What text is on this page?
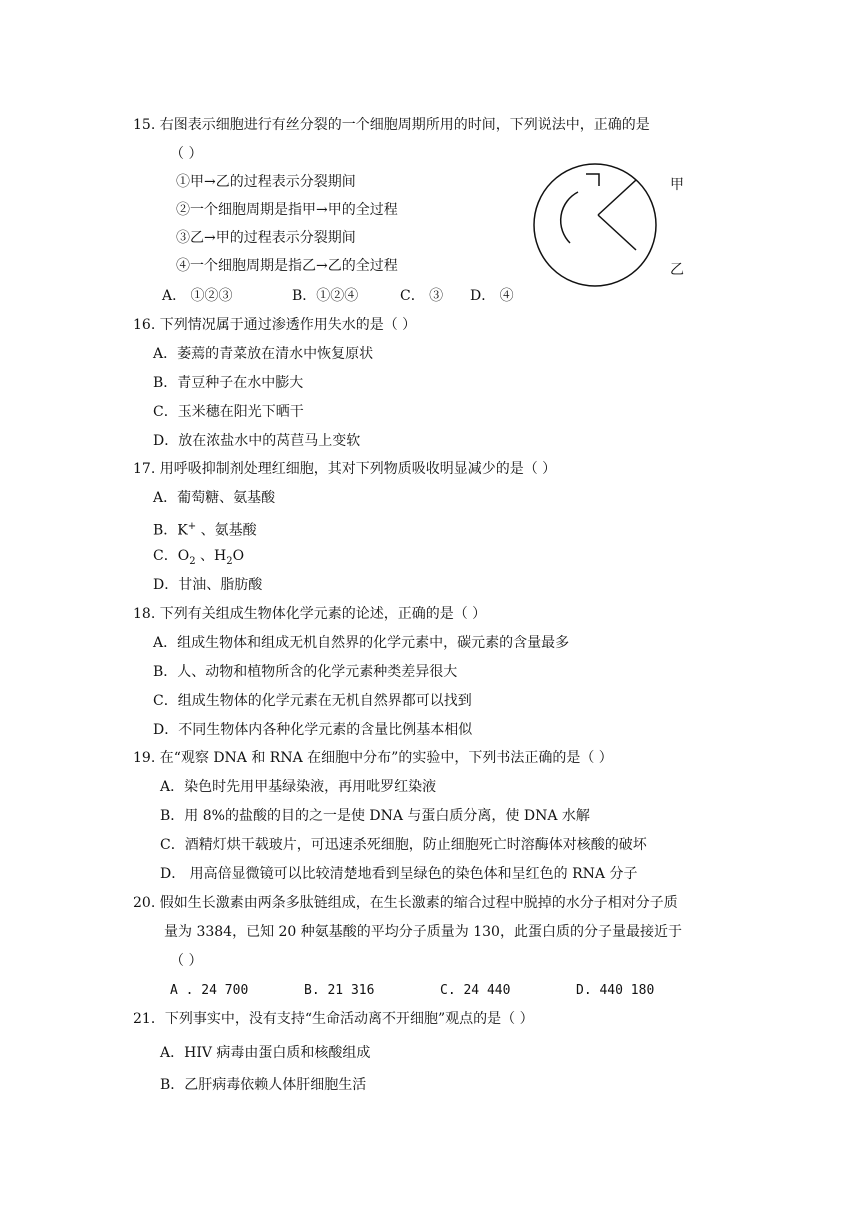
15. 右图表示细胞进行有丝分裂的一个细胞周期所用的时间，下列说法中，正确的是
（ ）
①甲→乙的过程表示分裂期间
②一个细胞周期是指甲→甲的全过程
③乙→甲的过程表示分裂期间
④一个细胞周期是指乙→乙的全过程
A． ①②③	B．①②④	C． ③ D． ④
甲
乙
16. 下列情况属于通过渗透作用失水的是（ ）
A．萎蔫的青菜放在清水中恢复原状
B．青豆种子在水中膨大
C．玉米穗在阳光下晒干
D．放在浓盐水中的莴苣马上变软
17. 用呼吸抑制剂处理红细胞，其对下列物质吸收明显减少的是（ ）
A．葡萄糖、氨基酸
B．K+ 、氨基酸
C．$O_2$ 、$H_2O$
D．甘油、脂肪酸
18. 下列有关组成生物体化学元素的论述，正确的是（ ）
A．组成生物体和组成无机自然界的化学元素中，碳元素的含量最多
B．人、动物和植物所含的化学元素种类差异很大
C．组成生物体的化学元素在无机自然界都可以找到
D．不同生物体内各种化学元素的含量比例基本相似
19. 在“观察 DNA 和 RNA 在细胞中分布”的实验中，下列书法正确的是（ ）
A．染色时先用甲基绿染液，再用吡罗红染液
B．用 8%的盐酸的目的之一是使 DNA 与蛋白质分离，使 DNA 水解
C．酒精灯烘干载玻片，可迅速杀死细胞，防止细胞死亡时溶酶体对核酸的破坏
D． 用高倍显微镜可以比较清楚地看到呈绿色的染色体和呈红色的 RNA 分子
20. 假如生长激素由两条多肽链组成，在生长激素的缩合过程中脱掉的水分子相对分子质
量为 3384，已知 20 种氨基酸的平均分子质量为 130，此蛋白质的分子量最接近于
（ ）
A . 24 700	B. 21 316	C. 24 440	D. 440 180
21．下列事实中，没有支持“生命活动离不开细胞”观点的是（ ）
A．HIV 病毒由蛋白质和核酸组成
B．乙肝病毒依赖人体肝细胞生活
